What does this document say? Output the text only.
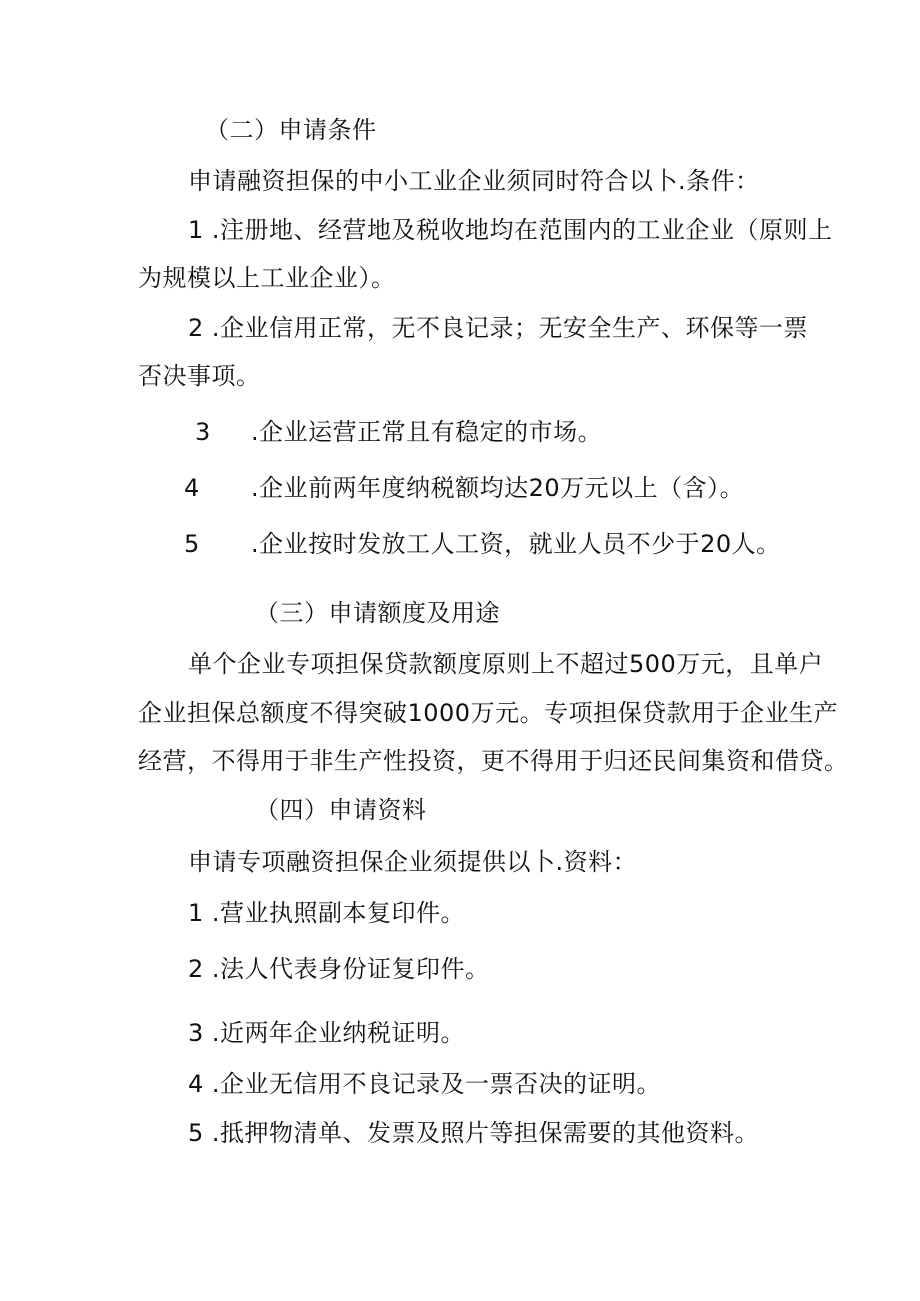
（二）申请条件
申请融资担保的中小工业企业须同时符合以卜.条件：
1 .注册地、经营地及税收地均在范围内的工业企业（原则上
为规模以上工业企业）。
2 .企业信用正常，无不良记录；无安全生产、环保等一票
否决事项。
3 .企业运营正常且有稳定的市场。
4 .企业前两年度纳税额均达20万元以上（含）。
5 .企业按时发放工人工资，就业人员不少于20人。
（三）申请额度及用途
单个企业专项担保贷款额度原则上不超过500万元，且单户
企业担保总额度不得突破1000万元。专项担保贷款用于企业生产
经营，不得用于非生产性投资，更不得用于归还民间集资和借贷。
（四）申请资料
申请专项融资担保企业须提供以卜.资料：
1 .营业执照副本复印件。
2 .法人代表身份证复印件。
3 .近两年企业纳税证明。
4 .企业无信用不良记录及一票否决的证明。
5 .抵押物清单、发票及照片等担保需要的其他资料。
